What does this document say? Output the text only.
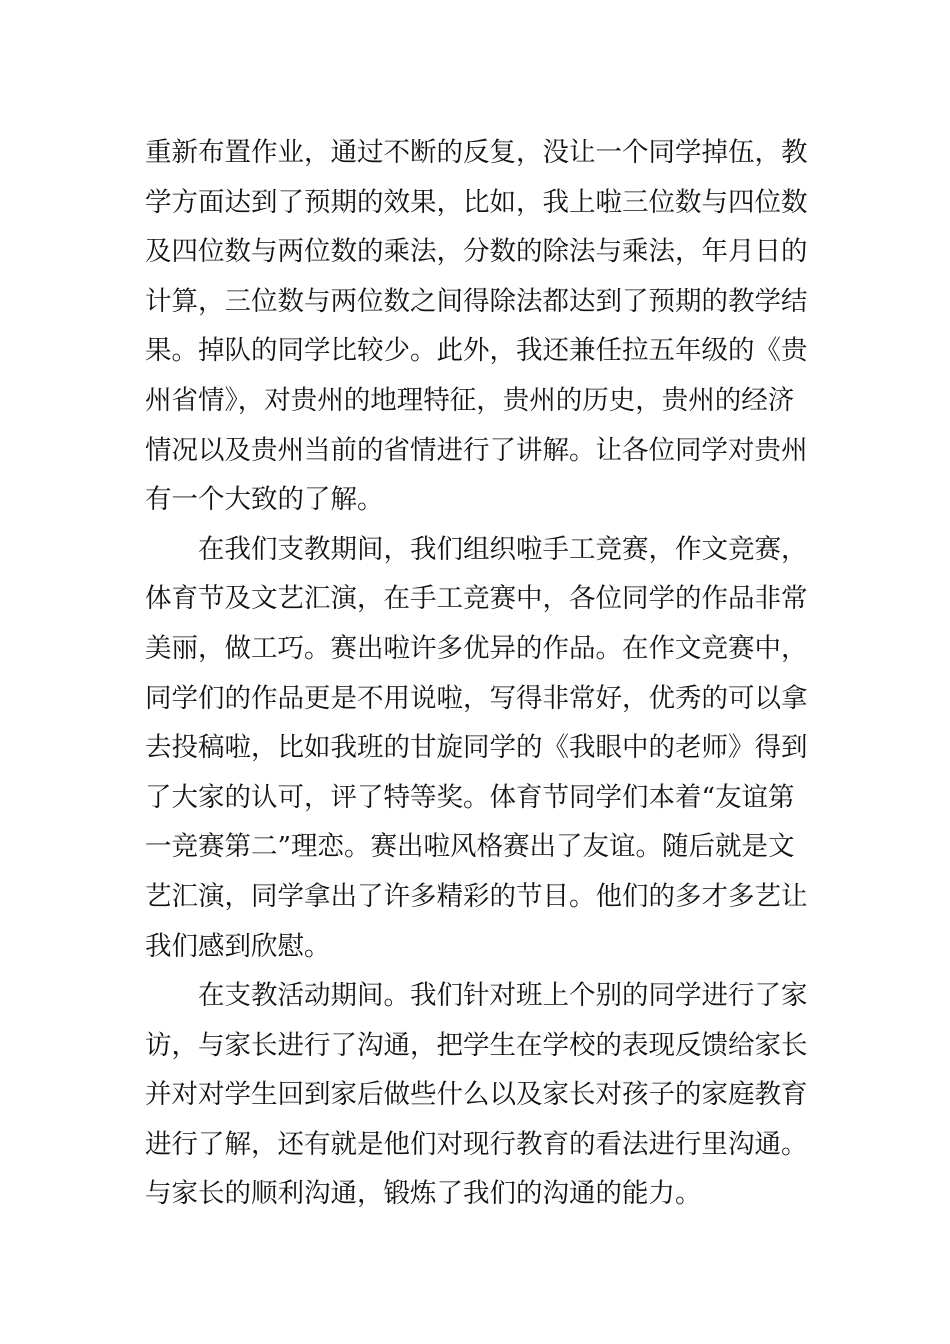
重新布置作业，通过不断的反复，没让一个同学掉伍，教
学方面达到了预期的效果，比如，我上啦三位数与四位数
及四位数与两位数的乘法，分数的除法与乘法，年月日的
计算，三位数与两位数之间得除法都达到了预期的教学结
果。掉队的同学比较少。此外，我还兼任拉五年级的《贵
州省情》，对贵州的地理特征，贵州的历史，贵州的经济
情况以及贵州当前的省情进行了讲解。让各位同学对贵州
有一个大致的了解。
　　在我们支教期间，我们组织啦手工竞赛，作文竞赛，
体育节及文艺汇演，在手工竞赛中，各位同学的作品非常
美丽，做工巧。赛出啦许多优异的作品。在作文竞赛中，
同学们的作品更是不用说啦，写得非常好，优秀的可以拿
去投稿啦，比如我班的甘旋同学的《我眼中的老师》得到
了大家的认可，评了特等奖。体育节同学们本着“友谊第
一竞赛第二”理恋。赛出啦风格赛出了友谊。随后就是文
艺汇演，同学拿出了许多精彩的节目。他们的多才多艺让
我们感到欣慰。
　　在支教活动期间。我们针对班上个别的同学进行了家
访，与家长进行了沟通，把学生在学校的表现反馈给家长
并对对学生回到家后做些什么以及家长对孩子的家庭教育
进行了解，还有就是他们对现行教育的看法进行里沟通。
与家长的顺利沟通，锻炼了我们的沟通的能力。
